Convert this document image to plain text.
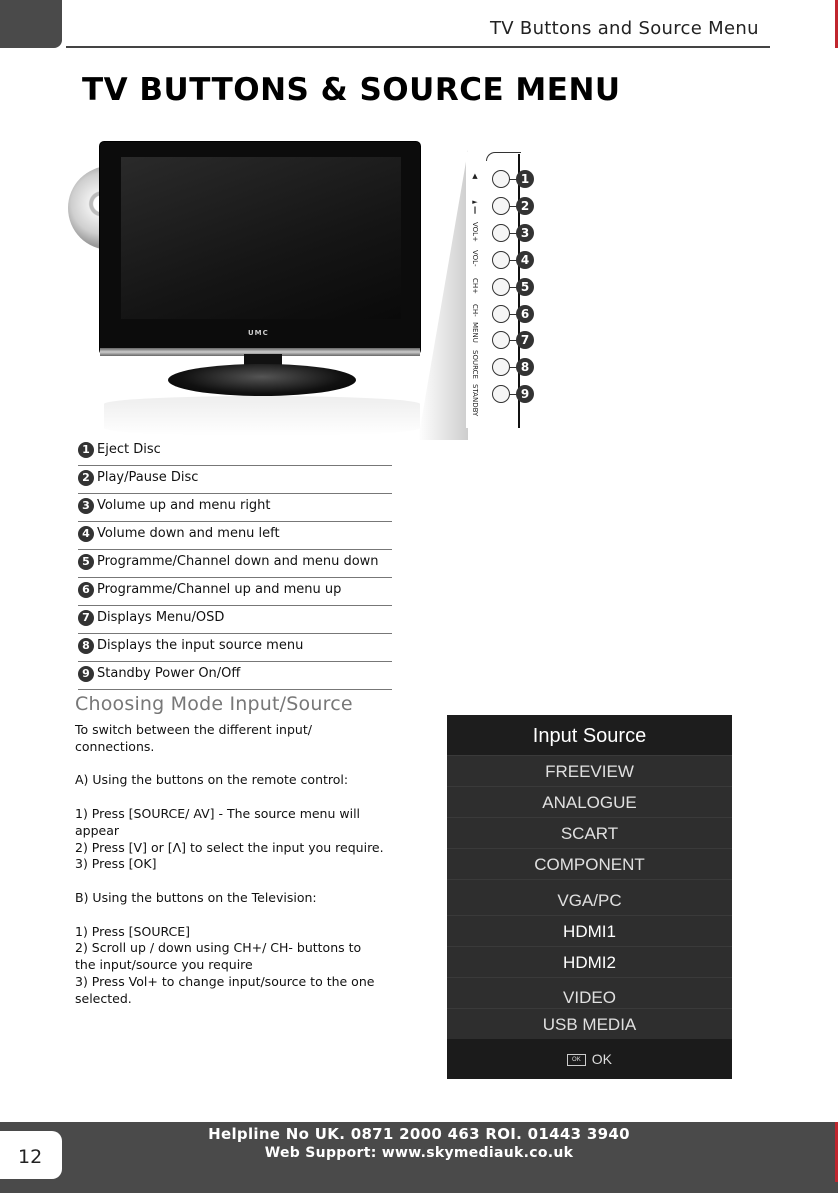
TV Buttons and Source Menu
TV BUTTONS & SOURCE MENU
UMC
▲
►‖
VOL+
VOL-
CH+
CH-
MENU
SOURCE
STANDBY
1
2
3
4
5
6
7
8
9
1 Eject Disc
2 Play/Pause Disc
3 Volume up and menu right
4 Volume down and menu left
5 Programme/Channel down and menu down
6 Programme/Channel up and menu up
7 Displays Menu/OSD
8 Displays the input source menu
9 Standby Power On/Off
Choosing Mode Input/Source

To switch between the different input/ connections.

A) Using the buttons on the remote control:

1) Press [SOURCE/ AV] - The source menu will appear

2) Press [V] or [Λ] to select the input you require.

3) Press [OK]

B) Using the buttons on the Television:

1) Press [SOURCE]

2) Scroll up / down using CH+/ CH- buttons to the input/source you require

3) Press Vol+ to change input/source to the one selected.

Input Source
FREEVIEW
ANALOGUE
SCART
COMPONENT
VGA/PC
HDMI1
HDMI2
VIDEO
USB MEDIA
OK OK
12
Helpline No UK. 0871 2000 463 ROI. 01443 3940
Web Support: www.skymediauk.co.uk
